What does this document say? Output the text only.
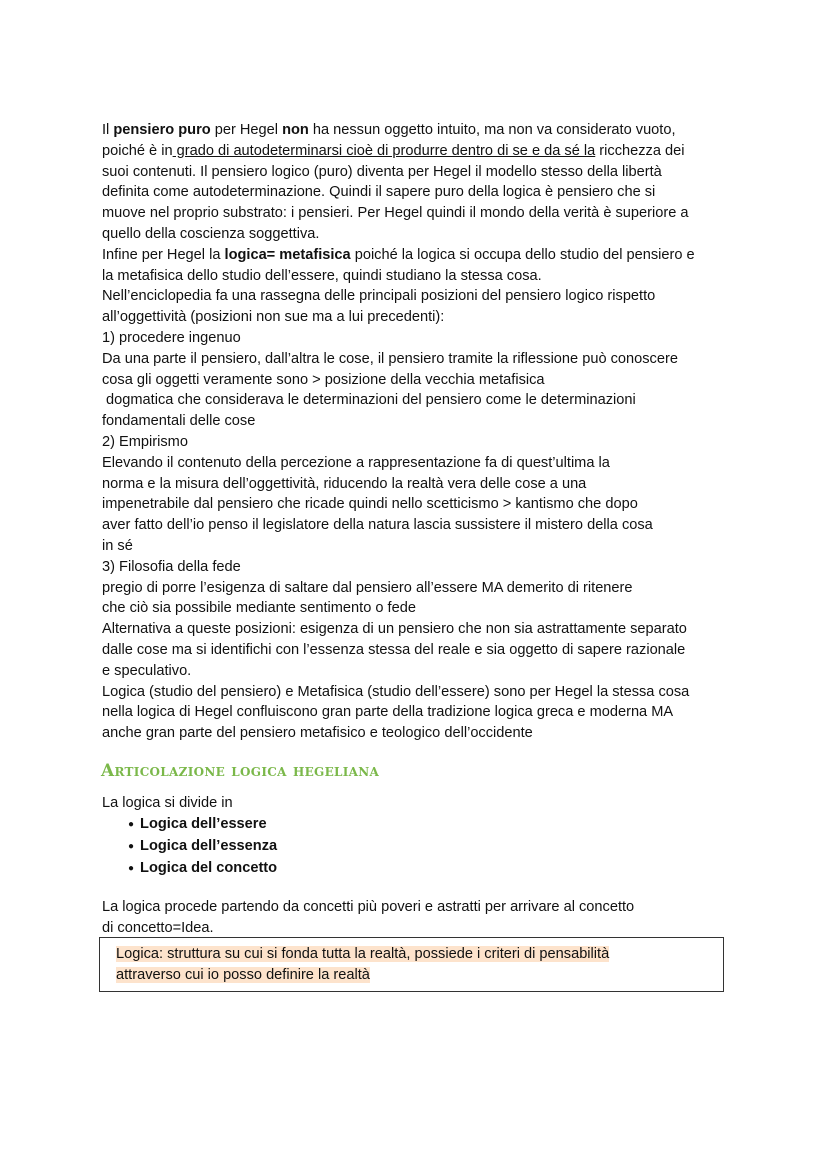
Il pensiero puro per Hegel non ha nessun oggetto intuito, ma non va considerato vuoto,
poiché è in grado di autodeterminarsi cioè di produrre dentro di se e da sé la ricchezza dei
suoi contenuti. Il pensiero logico (puro) diventa per Hegel il modello stesso della libertà
definita come autodeterminazione. Quindi il sapere puro della logica è pensiero che si
muove nel proprio substrato: i pensieri. Per Hegel quindi il mondo della verità è superiore a
quello della coscienza soggettiva.
Infine per Hegel la logica= metafisica poiché la logica si occupa dello studio del pensiero e
la metafisica dello studio dell’essere, quindi studiano la stessa cosa.
Nell’enciclopedia fa una rassegna delle principali posizioni del pensiero logico rispetto
all’oggettività (posizioni non sue ma a lui precedenti):
1) procedere ingenuo
Da una parte il pensiero, dall’altra le cose, il pensiero tramite la riflessione può conoscere
cosa gli oggetti veramente sono > posizione della vecchia metafisica
dogmatica che considerava le determinazioni del pensiero come le determinazioni
fondamentali delle cose
2) Empirismo
Elevando il contenuto della percezione a rappresentazione fa di quest’ultima la
norma e la misura dell’oggettività, riducendo la realtà vera delle cose a una
impenetrabile dal pensiero che ricade quindi nello scetticismo > kantismo che dopo
aver fatto dell’io penso il legislatore della natura lascia sussistere il mistero della cosa
in sé
3) Filosofia della fede
pregio di porre l’esigenza di saltare dal pensiero all’essere MA demerito di ritenere
che ciò sia possibile mediante sentimento o fede
Alternativa a queste posizioni: esigenza di un pensiero che non sia astrattamente separato
dalle cose ma si identifichi con l’essenza stessa del reale e sia oggetto di sapere razionale
e speculativo.
Logica (studio del pensiero) e Metafisica (studio dell’essere) sono per Hegel la stessa cosa
nella logica di Hegel confluiscono gran parte della tradizione logica greca e moderna MA
anche gran parte del pensiero metafisico e teologico dell’occidente

Articolazione logica hegeliana

La logica si divide in

● Logica dell’essere
● Logica dell’essenza
● Logica del concetto

La logica procede partendo da concetti più poveri e astratti per arrivare al concetto
di concetto=Idea.

Logica: struttura su cui si fonda tutta la realtà, possiede i criteri di pensabilità
attraverso cui io posso definire la realtà
